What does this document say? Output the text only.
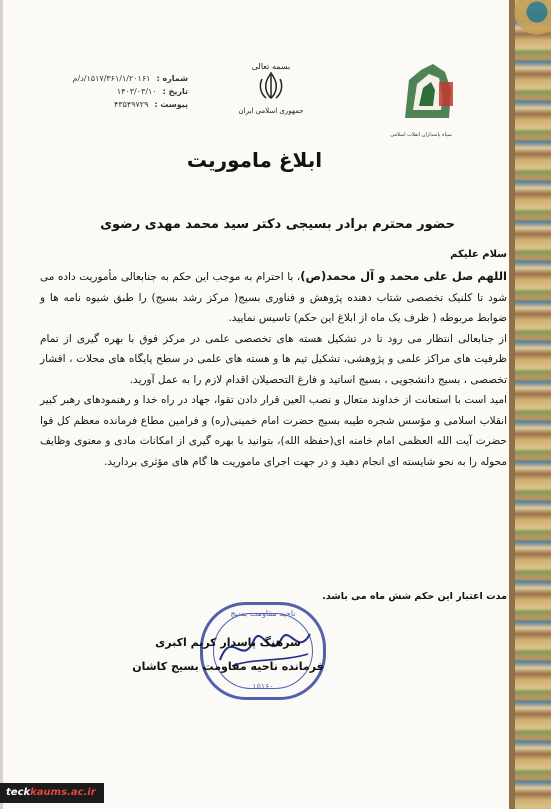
شماره :
۱۵۱۷/۳۶۱/۱/۲۰۱۶۱/د/م
تاریخ :
۱۴۰۳/۰۳/۱۰
پیوست :
۴۳۵۴۹۷۲۹
بسمه تعالی
جمهوری اسلامی ایران
سپاه پاسداران انقلاب اسلامی
ابلاغ ماموریت
حضور محترم برادر بسیجی دکتر سید محمد مهدی رضوی
سلام علیکم

اللهم صل علی محمد و آل محمد(ص)، با احترام به موجب این حکم به جنابعالی مأموریت داده می شود تا کلنیک تخصصی شتاب دهنده پژوهش و فناوری بسیج( مرکز رشد بسیج) را طبق شیوه نامه ها و ضوابط مربوطه ( ظرف یک ماه از ابلاغ این حکم) تاسیس نمایید.

از جنابعالی انتظار می رود تا در تشکیل هسته های تخصصی علمی در مرکز فوق با بهره گیری از تمام ظرفیت های مراکز علمی و پژوهشی، تشکیل تیم ها و هسته های علمی در سطح پایگاه های محلات ، اقشار تخصصی ، بسیج دانشجویی ، بسیج اساتید و فارغ التحصیلان اقدام لازم را به عمل آورید.

امید است با استعانت از خداوند متعال و نصب العین قرار دادن تقوا، جهاد در راه خدا و رهنمودهای رهبر کبیر انقلاب اسلامی و مؤسس شجره طیبه بسیج حضرت امام خمینی(ره) و فرامین مطاع فرمانده معظم کل قوا حضرت آیت الله العظمی امام خامنه ای(حفظه الله)، بتوانید با بهره گیری از امکانات مادی و معنوی وظایف محوله را به نحو شایسته ای انجام دهید و در جهت اجرای ماموریت ها گام های مؤثری بردارید.

مدت اعتبار این حکم شش ماه می باشد.
ناحیه مقاومت بسیج
۱۵۱۶۰
سرهنگ پاسدار کریم اکبری
فرمانده ناحیه مقاومت بسیج کاشان
teckkaums.ac.ir
